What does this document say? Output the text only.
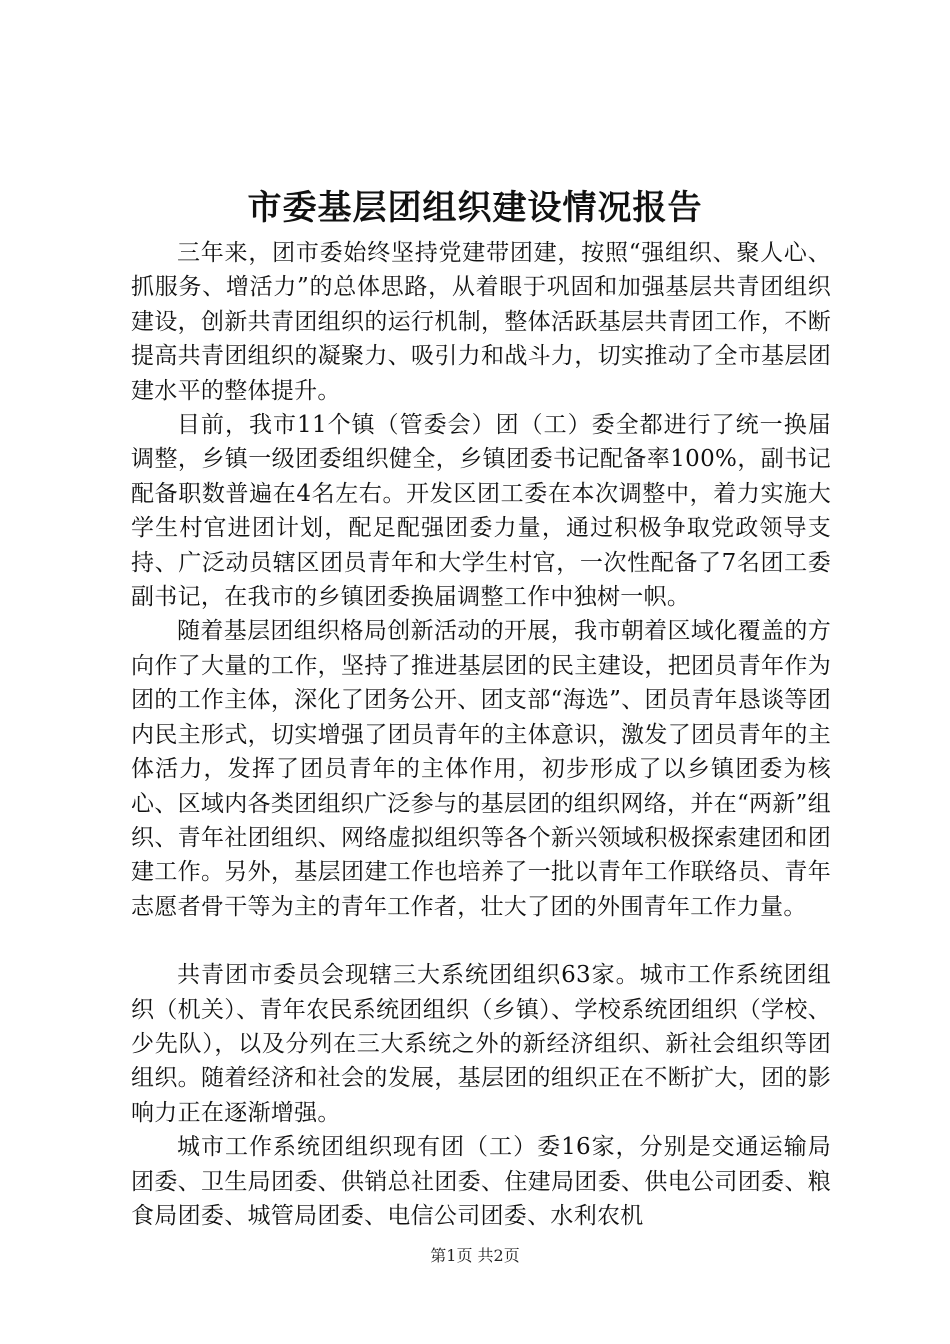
市委基层团组织建设情况报告

三年来，团市委始终坚持党建带团建，按照“强组织、聚人心、抓服务、增活力”的总体思路，从着眼于巩固和加强基层共青团组织建设，创新共青团组织的运行机制，整体活跃基层共青团工作，不断提高共青团组织的凝聚力、吸引力和战斗力，切实推动了全市基层团建水平的整体提升。

目前，我市11个镇（管委会）团（工）委全都进行了统一换届调整，乡镇一级团委组织健全，乡镇团委书记配备率100%，副书记配备职数普遍在4名左右。开发区团工委在本次调整中，着力实施大学生村官进团计划，配足配强团委力量，通过积极争取党政领导支持、广泛动员辖区团员青年和大学生村官，一次性配备了7名团工委副书记，在我市的乡镇团委换届调整工作中独树一帜。

随着基层团组织格局创新活动的开展，我市朝着区域化覆盖的方向作了大量的工作，坚持了推进基层团的民主建设，把团员青年作为团的工作主体，深化了团务公开、团支部“海选”、团员青年恳谈等团内民主形式，切实增强了团员青年的主体意识，激发了团员青年的主体活力，发挥了团员青年的主体作用，初步形成了以乡镇团委为核心、区域内各类团组织广泛参与的基层团的组织网络，并在“两新”组织、青年社团组织、网络虚拟组织等各个新兴领域积极探索建团和团建工作。另外，基层团建工作也培养了一批以青年工作联络员、青年志愿者骨干等为主的青年工作者，壮大了团的外围青年工作力量。

共青团市委员会现辖三大系统团组织63家。城市工作系统团组织（机关）、青年农民系统团组织（乡镇）、学校系统团组织（学校、少先队），以及分列在三大系统之外的新经济组织、新社会组织等团组织。随着经济和社会的发展，基层团的组织正在不断扩大，团的影响力正在逐渐增强。

城市工作系统团组织现有团（工）委16家，分别是交通运输局团委、卫生局团委、供销总社团委、住建局团委、供电公司团委、粮食局团委、城管局团委、电信公司团委、水利农机

第1页 共2页
